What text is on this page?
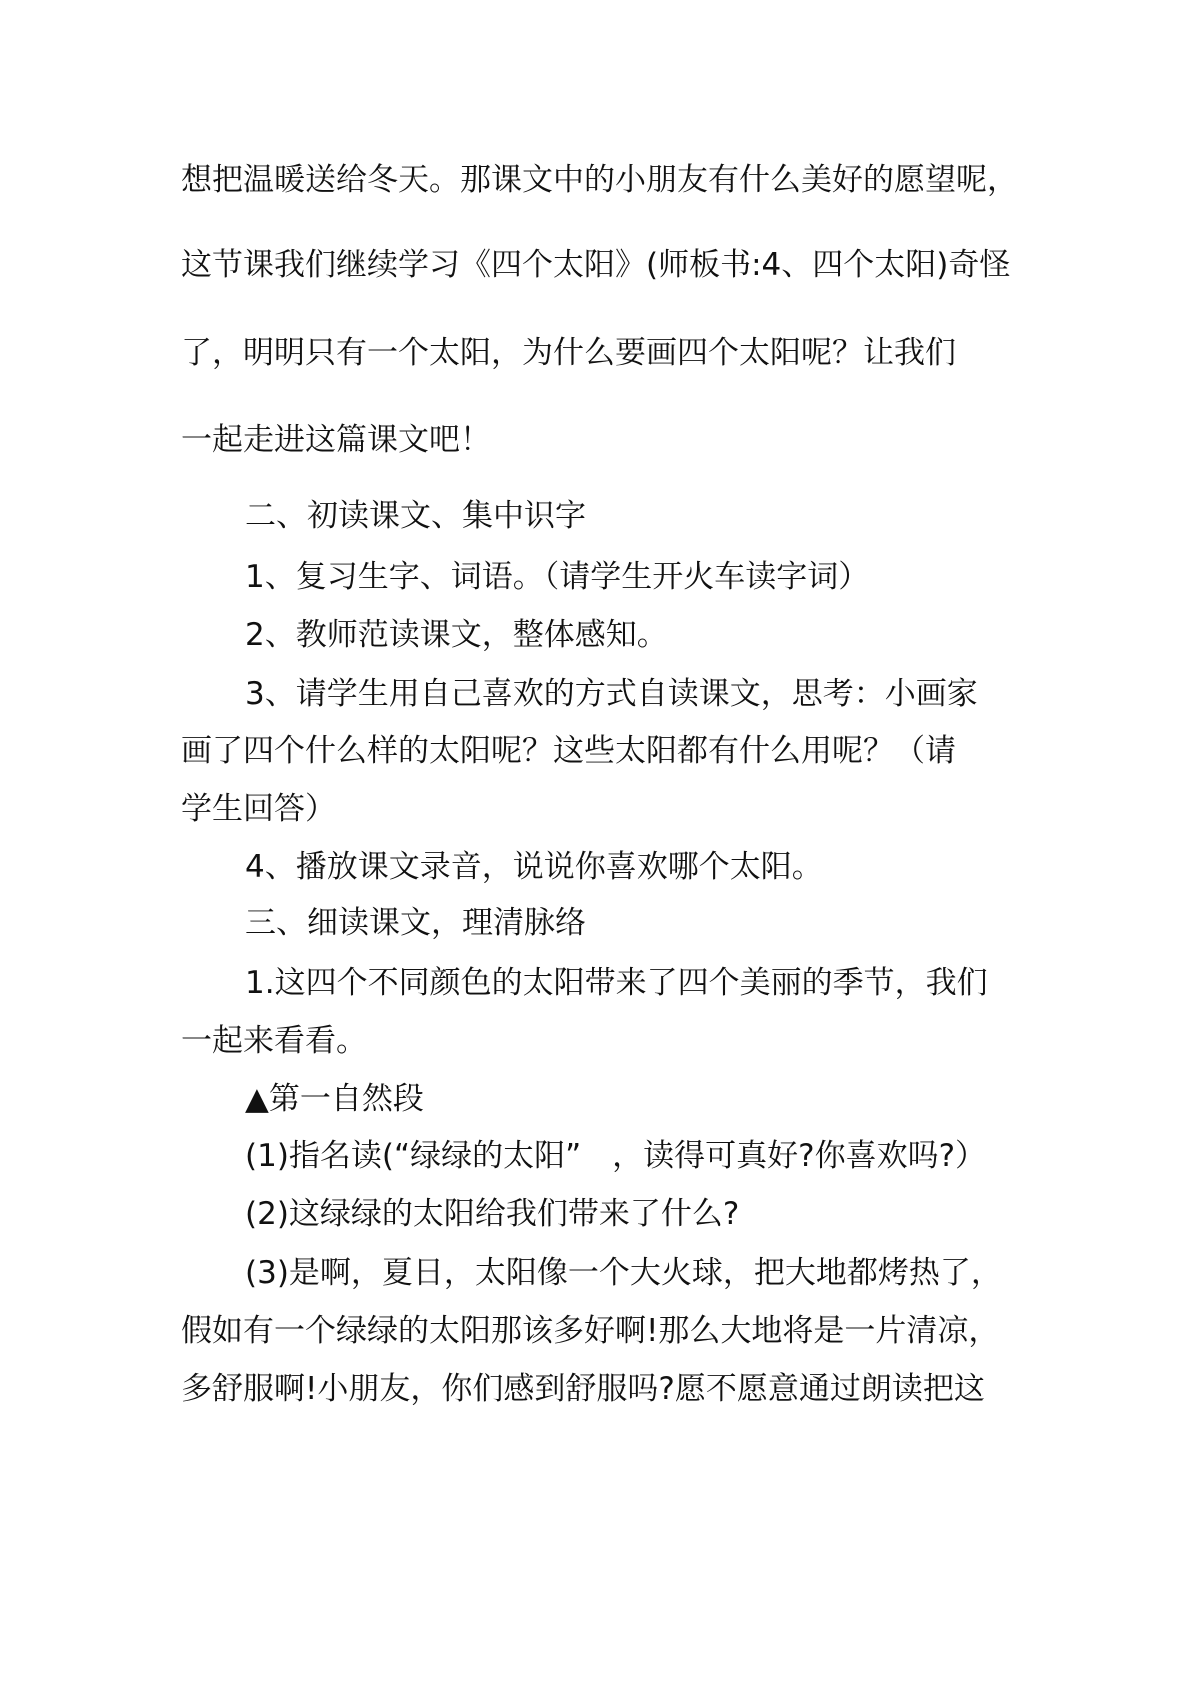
想把温暖送给冬天。那课文中的小朋友有什么美好的愿望呢，
这节课我们继续学习《四个太阳》(师板书:4、四个太阳)奇怪
了，明明只有一个太阳，为什么要画四个太阳呢？让我们
一起走进这篇课文吧！
二、初读课文、集中识字
1、复习生字、词语。（请学生开火车读字词）
2、教师范读课文，整体感知。
3、请学生用自己喜欢的方式自读课文，思考：小画家
画了四个什么样的太阳呢？这些太阳都有什么用呢？（请
学生回答）
4、播放课文录音，说说你喜欢哪个太阳。
三、细读课文，理清脉络
1.这四个不同颜色的太阳带来了四个美丽的季节，我们
一起来看看。
▲第一自然段
(1)指名读(“绿绿的太阳”　，读得可真好?你喜欢吗?）
(2)这绿绿的太阳给我们带来了什么?
(3)是啊，夏日，太阳像一个大火球，把大地都烤热了，
假如有一个绿绿的太阳那该多好啊!那么大地将是一片清凉，
多舒服啊!小朋友，你们感到舒服吗?愿不愿意通过朗读把这
